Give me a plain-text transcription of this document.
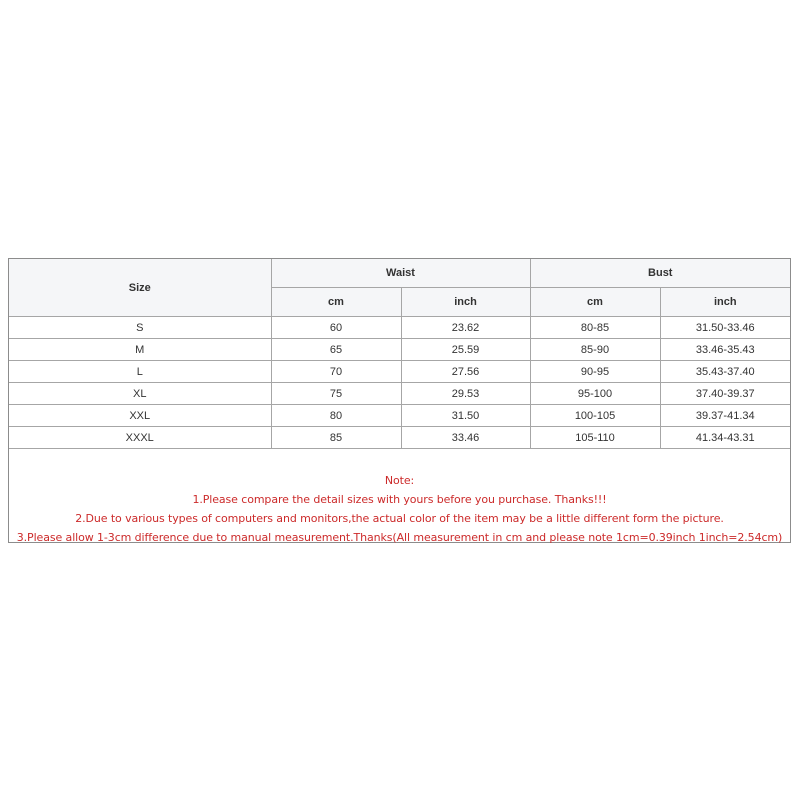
Size	Waist		Bust	
	cm	inch	cm	inch
S	60	23.62	80-85	31.50-33.46
M	65	25.59	85-90	33.46-35.43
L	70	27.56	90-95	35.43-37.40
XL	75	29.53	95-100	37.40-39.37
XXL	80	31.50	100-105	39.37-41.34
XXXL	85	33.46	105-110	41.34-43.31
Note:
1.Please compare the detail sizes with yours before you purchase. Thanks!!!
2.Due to various types of computers and monitors,the actual color of the item may be a little different form the picture.
3.Please allow 1-3cm difference due to manual measurement.Thanks(All measurement in cm and please note 1cm=0.39inch 1inch=2.54cm)
